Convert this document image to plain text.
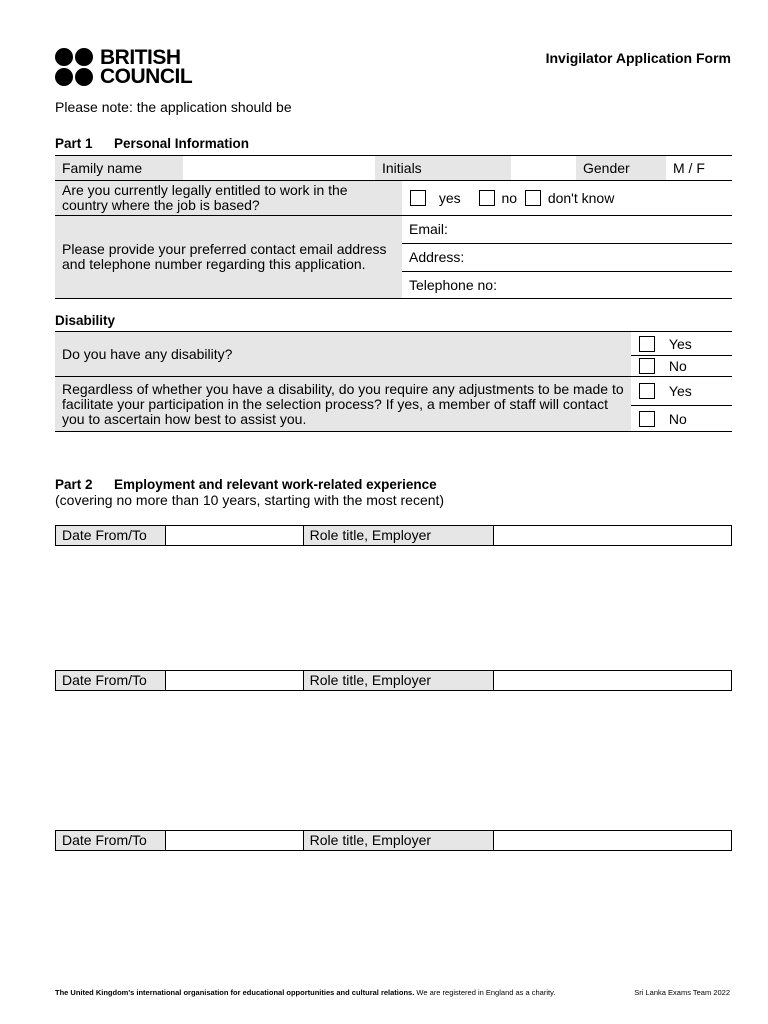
BRITISH
COUNCIL
Invigilator Application Form
Please note: the application should be
Part 1 Personal Information
Family name		Initials			Gender	M / F
Are you currently legally entitled to work in the country where the job is based?			yes no don't know			
Please provide your preferred contact email address and telephone number regarding this application.			Email:			
			Address:			
			Telephone no:			
Disability
Do you have any disability?	Yes
	No
Regardless of whether you have a disability, do you require any adjustments to be made to facilitate your participation in the selection process? If yes, a member of staff will contact you to ascertain how best to assist you.	Yes
	No
Part 2 Employment and relevant work-related experience
(covering no more than 10 years, starting with the most recent)
Date From/To		Role title, Employer	
Date From/To		Role title, Employer	
Date From/To		Role title, Employer	
The United Kingdom's international organisation for educational opportunities and cultural relations. We are registered in England as a charity.	Sri Lanka Exams Team 2022
